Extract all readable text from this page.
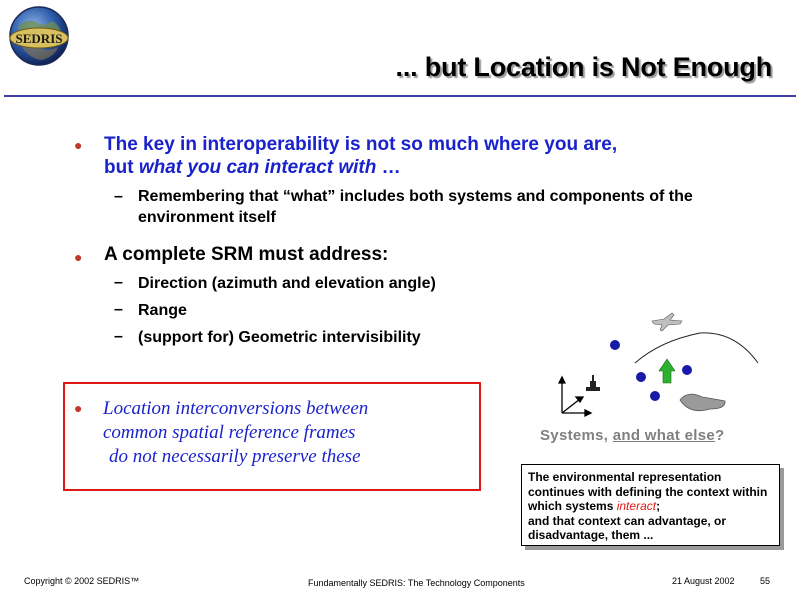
SEDRIS
... but Location is Not Enough
● The key in interoperability is not so much where you are,
but what you can interact with …
– Remembering that “what” includes both systems and components of the environment itself
● A complete SRM must address:
– Direction (azimuth and elevation angle)
– Range
– (support for) Geometric intervisibility
● Location interconversions between
common spatial reference frames
do not necessarily preserve these
Systems, and what else?
The environmental representation continues with defining the context within which systems interact;
and that context can advantage, or disadvantage, them ...
Copyright © 2002 SEDRIS™	Fundamentally SEDRIS: The Technology Components	21 August 2002	55
